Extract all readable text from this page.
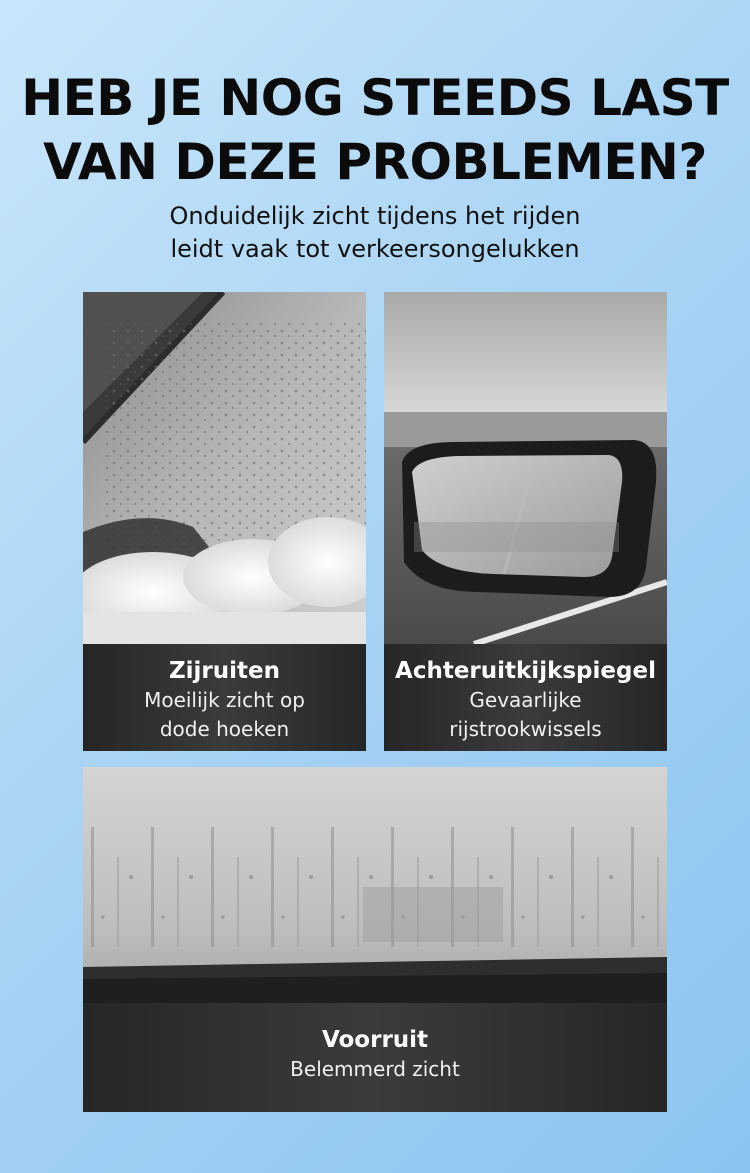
HEB JE NOG STEEDS LAST
VAN DEZE PROBLEMEN?

Onduidelijk zicht tijdens het rijden
leidt vaak tot verkeersongelukken

Zijruiten
Moeilijk zicht op
dode hoeken
Achteruitkijkspiegel
Gevaarlijke
rijstrookwissels
Voorruit
Belemmerd zicht
